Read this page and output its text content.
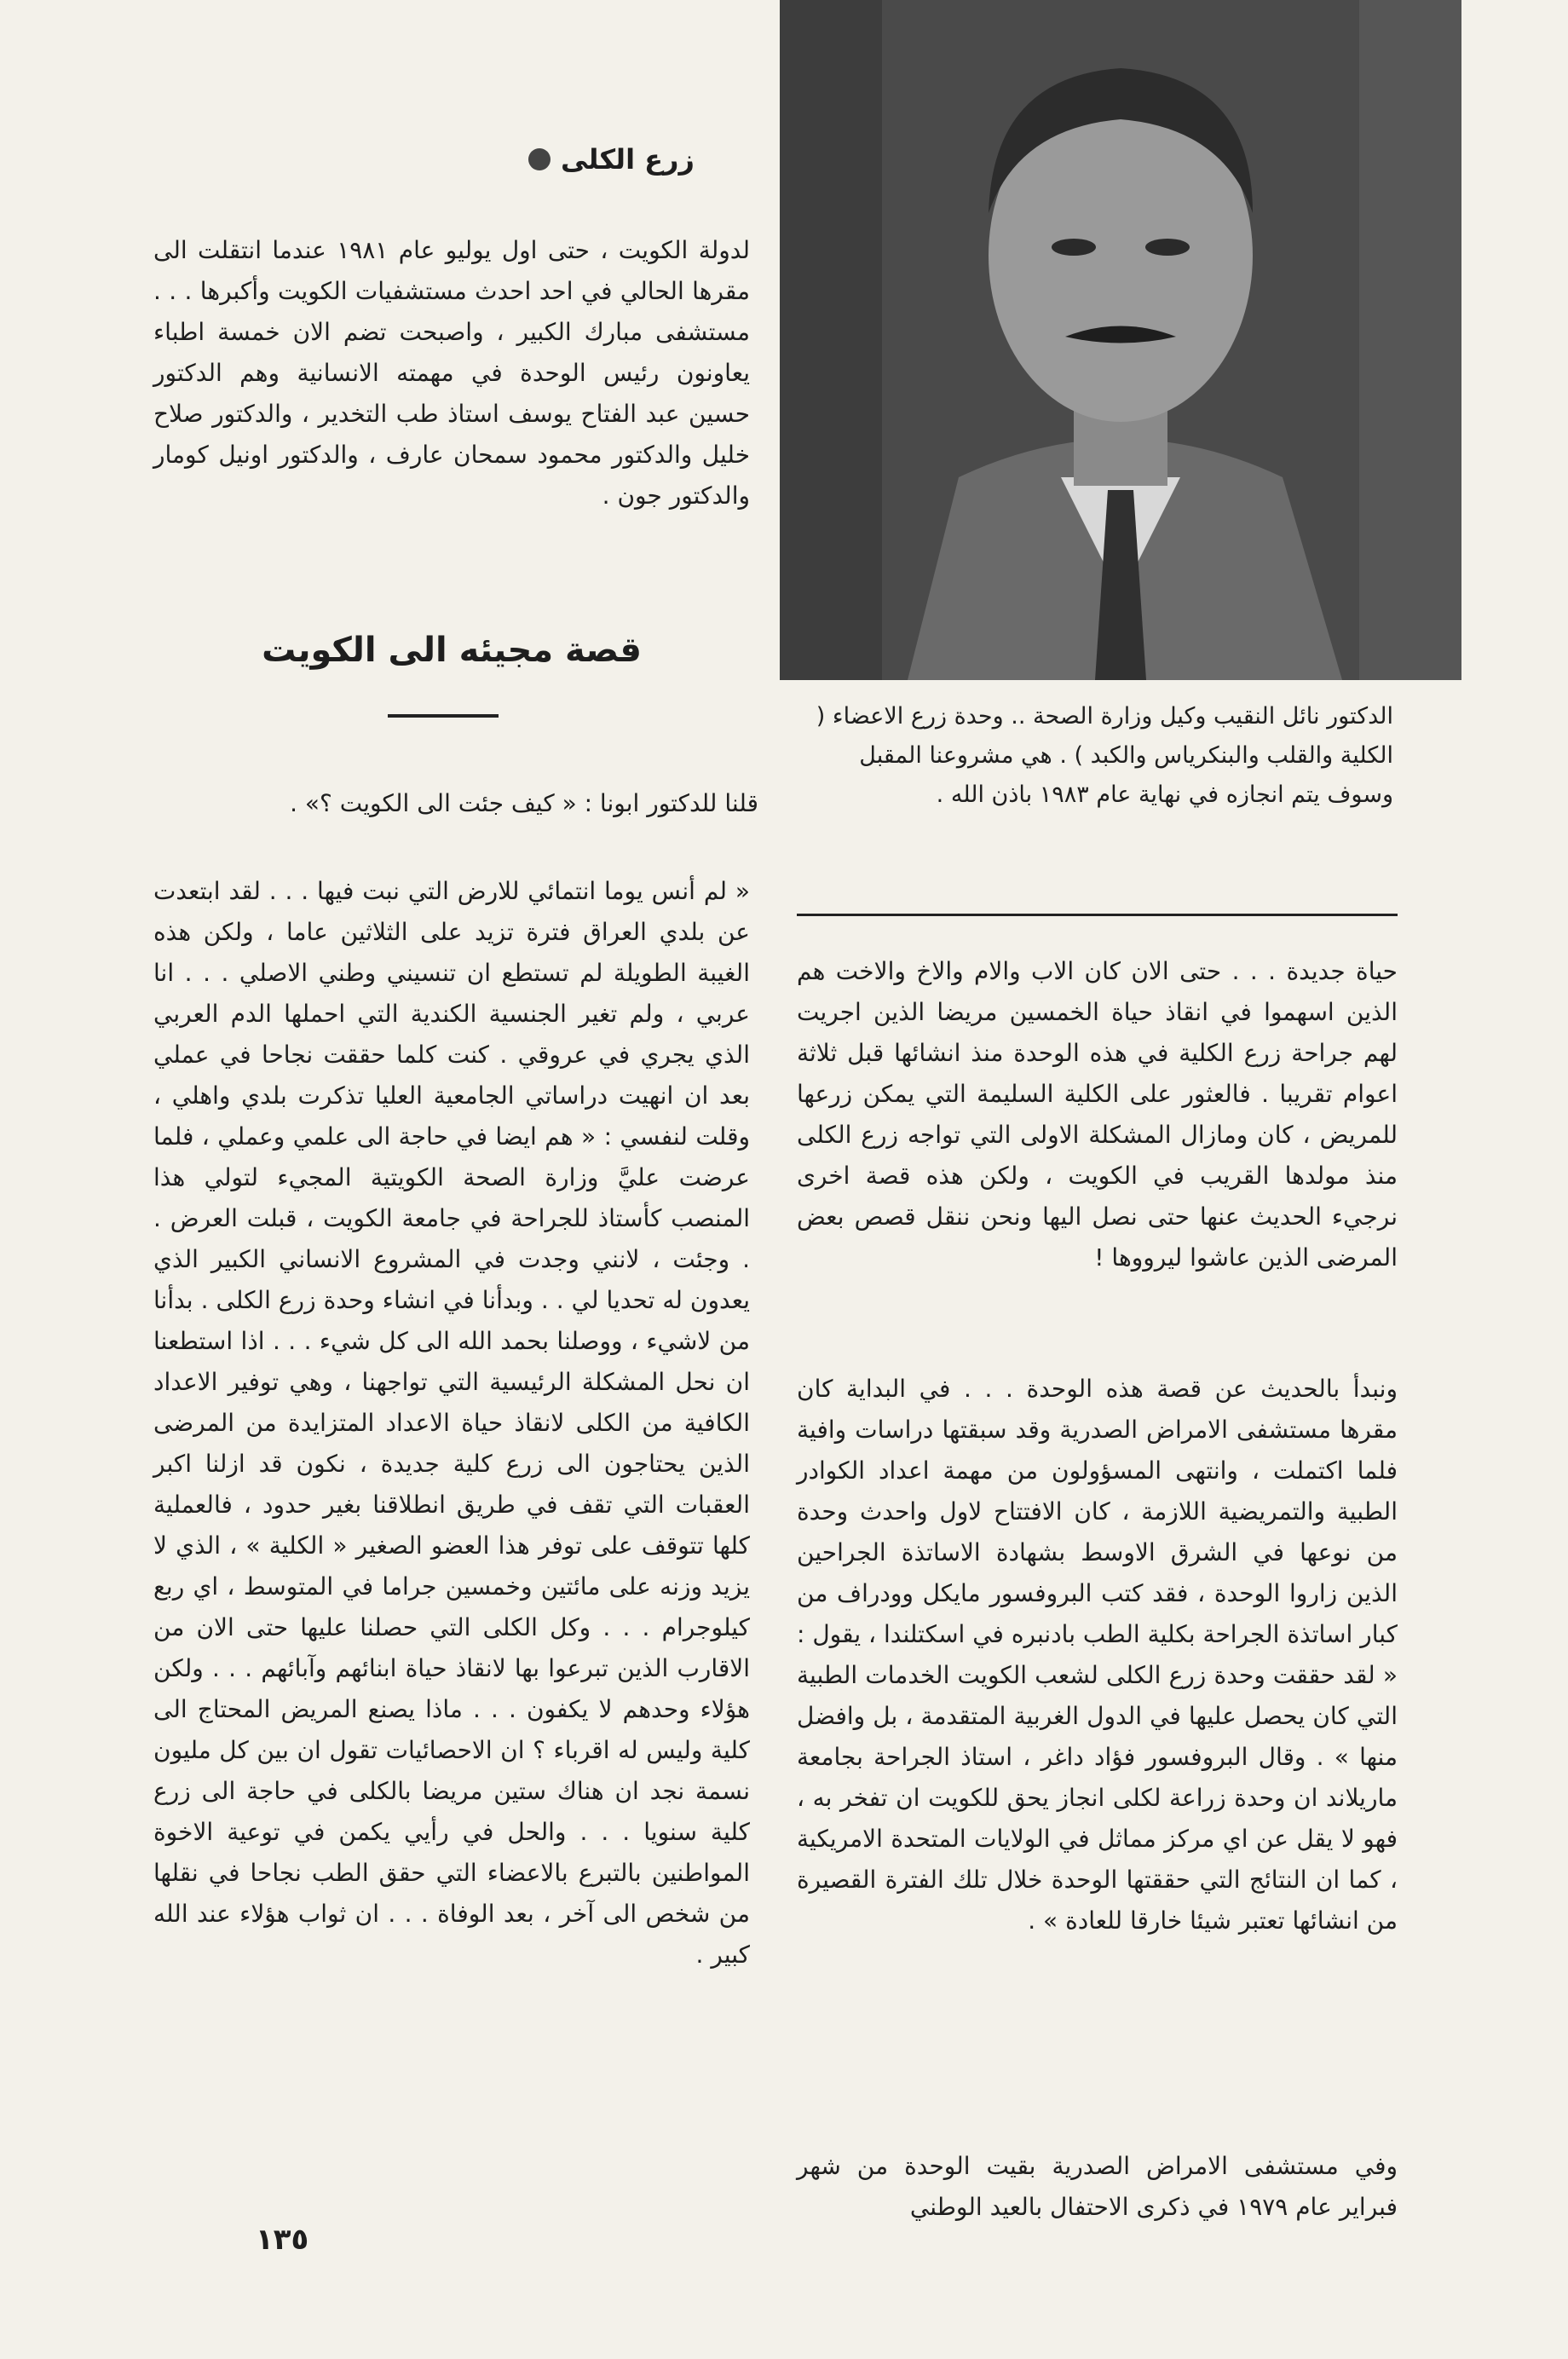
الدكتور نائل النقيب وكيل وزارة الصحة .. وحدة زرع الاعضاء ( الكلية والقلب والبنكرياس والكبد ) . هي مشروعنا المقبل وسوف يتم انجازه في نهاية عام ١٩٨٣ باذن الله .
زرع الكلى

لدولة الكويت ، حتى اول يوليو عام ١٩٨١ عندما انتقلت الى مقرها الحالي في احد احدث مستشفيات الكويت وأكبرها . . . مستشفى مبارك الكبير ، واصبحت تضم الان خمسة اطباء يعاونون رئيس الوحدة في مهمته الانسانية وهم الدكتور حسين عبد الفتاح يوسف استاذ طب التخدير ، والدكتور صلاح خليل والدكتور محمود سمحان عارف ، والدكتور اونيل كومار والدكتور جون .

قصة مجيئه الى الكويت
قلنا للدكتور ابونا : « كيف جئت الى الكويت ؟» .

« لم أنس يوما انتمائي للارض التي نبت فيها . . . لقد ابتعدت عن بلدي العراق فترة تزيد على الثلاثين عاما ، ولكن هذه الغيبة الطويلة لم تستطع ان تنسيني وطني الاصلي . . . انا عربي ، ولم تغير الجنسية الكندية التي احملها الدم العربي الذي يجري في عروقي . كنت كلما حققت نجاحا في عملي بعد ان انهيت دراساتي الجامعية العليا تذكرت بلدي واهلي ، وقلت لنفسي : « هم ايضا في حاجة الى علمي وعملي ، فلما عرضت عليَّ وزارة الصحة الكويتية المجيء لتولي هذا المنصب كأستاذ للجراحة في جامعة الكويت ، قبلت العرض . . وجئت ، لانني وجدت في المشروع الانساني الكبير الذي يعدون له تحديا لي . . وبدأنا في انشاء وحدة زرع الكلى . بدأنا من لاشيء ، ووصلنا بحمد الله الى كل شيء . . . اذا استطعنا ان نحل المشكلة الرئيسية التي تواجهنا ، وهي توفير الاعداد الكافية من الكلى لانقاذ حياة الاعداد المتزايدة من المرضى الذين يحتاجون الى زرع كلية جديدة ، نكون قد ازلنا اكبر العقبات التي تقف في طريق انطلاقنا بغير حدود ، فالعملية كلها تتوقف على توفر هذا العضو الصغير « الكلية » ، الذي لا يزيد وزنه على مائتين وخمسين جراما في المتوسط ، اي ربع كيلوجرام . . . وكل الكلى التي حصلنا عليها حتى الان من الاقارب الذين تبرعوا بها لانقاذ حياة ابنائهم وآبائهم . . . ولكن هؤلاء وحدهم لا يكفون . . . ماذا يصنع المريض المحتاج الى كلية وليس له اقرباء ؟ ان الاحصائيات تقول ان بين كل مليون نسمة نجد ان هناك ستين مريضا بالكلى في حاجة الى زرع كلية سنويا . . . والحل في رأيي يكمن في توعية الاخوة المواطنين بالتبرع بالاعضاء التي حقق الطب نجاحا في نقلها من شخص الى آخر ، بعد الوفاة . . . ان ثواب هؤلاء عند الله كبير .

حياة جديدة . . . حتى الان كان الاب والام والاخ والاخت هم الذين اسهموا في انقاذ حياة الخمسين مريضا الذين اجريت لهم جراحة زرع الكلية في هذه الوحدة منذ انشائها قبل ثلاثة اعوام تقريبا . فالعثور على الكلية السليمة التي يمكن زرعها للمريض ، كان ومازال المشكلة الاولى التي تواجه زرع الكلى منذ مولدها القريب في الكويت ، ولكن هذه قصة اخرى نرجيء الحديث عنها حتى نصل اليها ونحن ننقل قصص بعض المرضى الذين عاشوا ليرووها !

ونبدأ بالحديث عن قصة هذه الوحدة . . . في البداية كان مقرها مستشفى الامراض الصدرية وقد سبقتها دراسات وافية فلما اكتملت ، وانتهى المسؤولون من مهمة اعداد الكوادر الطبية والتمريضية اللازمة ، كان الافتتاح لاول واحدث وحدة من نوعها في الشرق الاوسط بشهادة الاساتذة الجراحين الذين زاروا الوحدة ، فقد كتب البروفسور مايكل وودراف من كبار اساتذة الجراحة بكلية الطب بادنبره في اسكتلندا ، يقول : « لقد حققت وحدة زرع الكلى لشعب الكويت الخدمات الطبية التي كان يحصل عليها في الدول الغربية المتقدمة ، بل وافضل منها » . وقال البروفسور فؤاد داغر ، استاذ الجراحة بجامعة ماريلاند ان وحدة زراعة لكلى انجاز يحق للكويت ان تفخر به ، فهو لا يقل عن اي مركز مماثل في الولايات المتحدة الامريكية ، كما ان النتائج التي حققتها الوحدة خلال تلك الفترة القصيرة من انشائها تعتبر شيئا خارقا للعادة » .

وفي مستشفى الامراض الصدرية بقيت الوحدة من شهر فبراير عام ١٩٧٩ في ذكرى الاحتفال بالعيد الوطني

١٣٥
